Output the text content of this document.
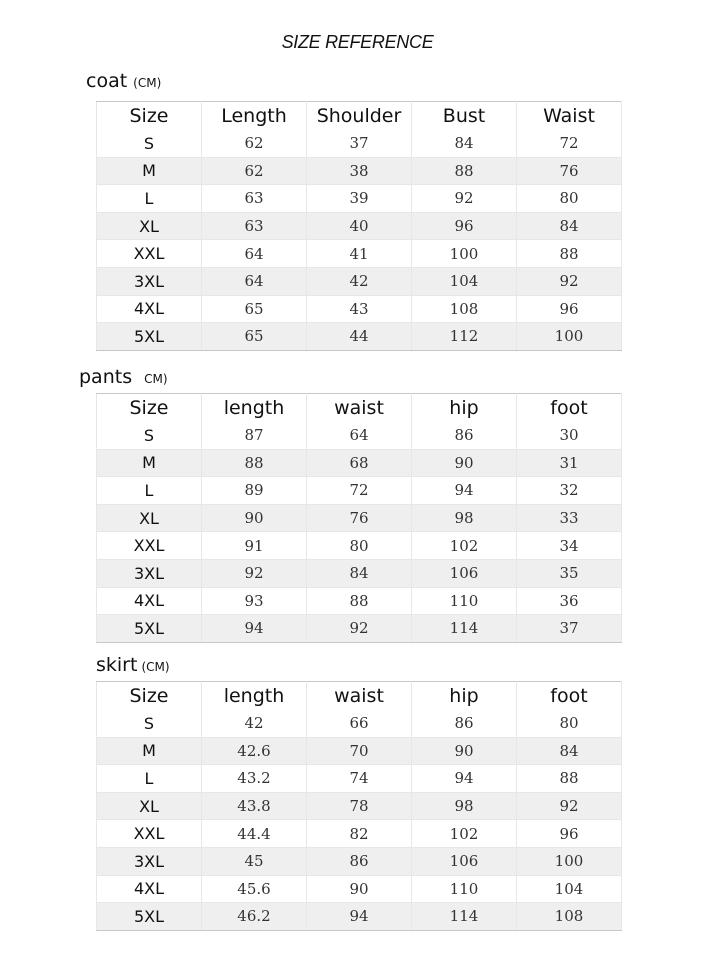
SIZE REFERENCE
coat (CM)
Size	Length	Shoulder	Bust	Waist
S	62	37	84	72
M	62	38	88	76
L	63	39	92	80
XL	63	40	96	84
XXL	64	41	100	88
3XL	64	42	104	92
4XL	65	43	108	96
5XL	65	44	112	100
pants CM)
Size	length	waist	hip	foot
S	87	64	86	30
M	88	68	90	31
L	89	72	94	32
XL	90	76	98	33
XXL	91	80	102	34
3XL	92	84	106	35
4XL	93	88	110	36
5XL	94	92	114	37
skirt (CM)
Size	length	waist	hip	foot
S	42	66	86	80
M	42.6	70	90	84
L	43.2	74	94	88
XL	43.8	78	98	92
XXL	44.4	82	102	96
3XL	45	86	106	100
4XL	45.6	90	110	104
5XL	46.2	94	114	108
